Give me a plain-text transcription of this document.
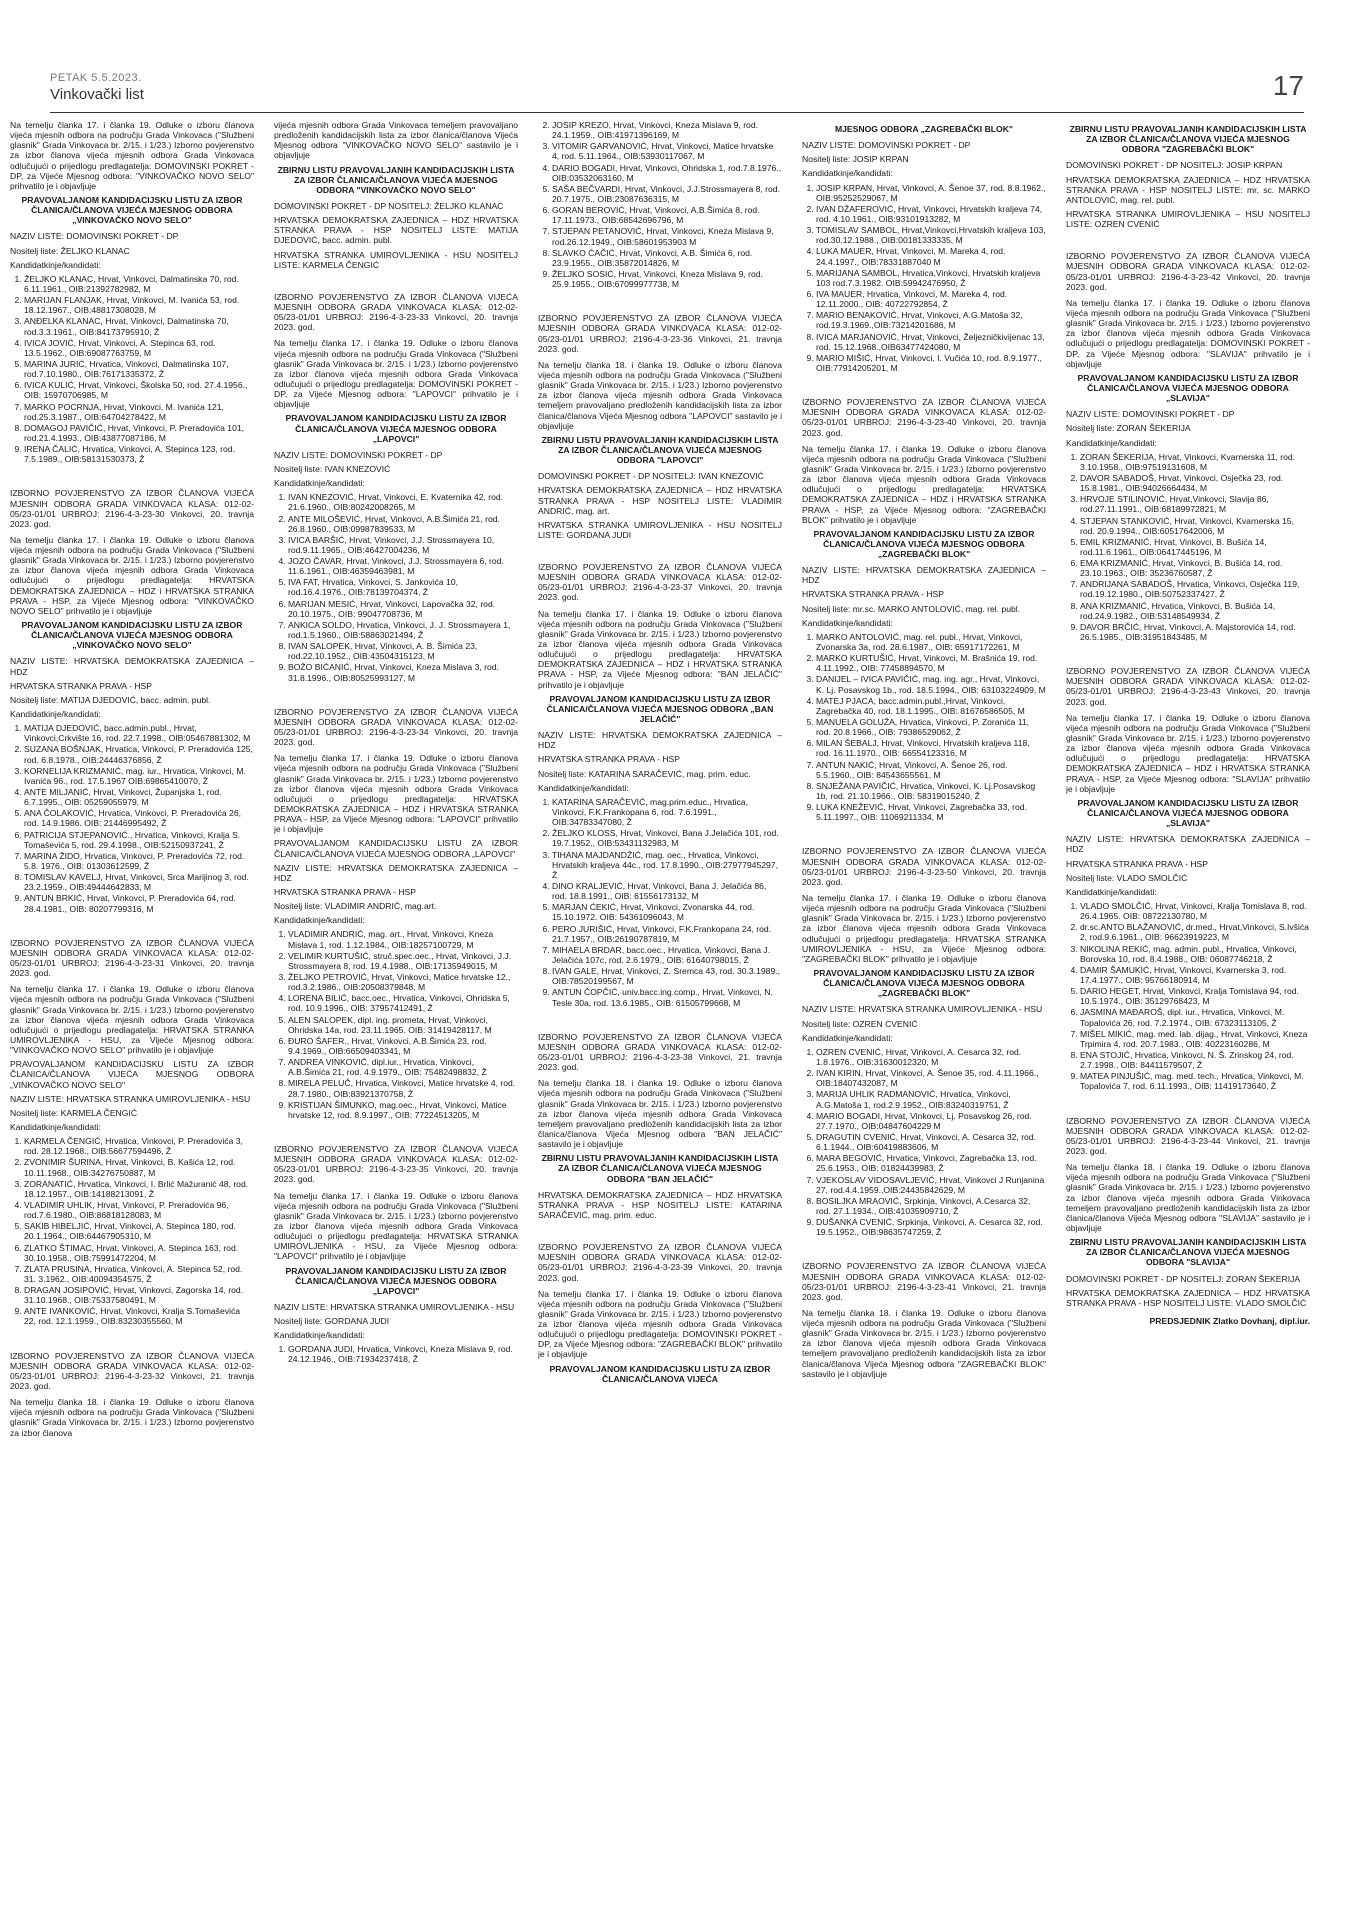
PETAK 5.5.2023.
Vinkovački list	17

Na temelju članka 17. i članka 19. Odluke o izboru članova vijeća mjesnih odbora na području Grada Vinkovaca ("Službeni glasnik" Grada Vinkovaca br. 2/15. i 1/23.) Izborno povjerenstvo za izbor članova vijeća mjesnih odbora Grada Vinkovaca odlučujući o prijedlogu predlagatelja: DOMOVINSKI POKRET - DP, za Vijeće Mjesnog odbora: "VINKOVAČKO NOVO SELO" prihvatilo je i objavljuje

PRAVOVALJANOM KANDIDACIJSKU LISTU ZA IZBOR ČLANICA/ČLANOVA VIJEĆA MJESNOG ODBORA „VINKOVAČKO NOVO SELO"

NAZIV LISTE: DOMOVINSKI POKRET - DP

Nositelj liste: ŽELJKO KLANAC

Kandidatkinje/kandidati:

1. ŽELJKO KLANAC, Hrvat, Vinkovci, Dalmatinska 70, rod. 6.11.1961., OIB:21392782982, M
2. MARIJAN FLANJAK, Hrvat, Vinkovci, M. Ivanića 53, rod. 18.12.1967., OIB:48817308028, M
3. ANĐELKA KLANAC, Hrvat, Vinkovci, Dalmatinska 70, rod.3.3.1961., OIB:84173795910, Ž
4. IVICA JOVIĆ, Hrvat, Vinkovci, A. Stepinca 63, rod. 13.5.1962., OIB:69087763759, M
5. MARINA JURIĆ, Hrvatica, Vinkovci, Dalmatinska 107, rod.7.10.1980., OIB:76171335372, Ž
6. IVICA KULIĆ, Hrvat, Vinkovci, Školska 50, rod. 27.4.1956., OIB: 15970706985, M
7. MARKO POCRNJA, Hrvat, Vinkovci, M. Ivanića 121, rod.25.3.1987., OIB:64704278422, M
8. DOMAGOJ PAVIČIĆ, Hrvat, Vinkovci, P. Preradovića 101, rod.21.4.1993., OIB:43877087186, M
9. IRENA ČALIĆ, Hrvatica, Vinkovci, A. Stepinca 123, rod. 7.5.1989., OIB:58131530373, Ž

IZBORNO POVJERENSTVO ZA IZBOR ČLANOVA VIJEĆA MJESNIH ODBORA GRADA VINKOVACA KLASA: 012-02-05/23-01/01 URBROJ: 2196-4-3-23-30 Vinkovci, 20. travnja 2023. god.

Na temelju članka 17. i članka 19. Odluke o izboru članova vijeća mjesnih odbora na području Grada Vinkovaca ("Službeni glasnik" Grada Vinkovaca br. 2/15. i 1/23.) Izborno povjerenstvo za izbor članova vijeća mjesnih odbora Grada Vinkovaca odlučujući o prijedlogu predlagatelja: HRVATSKA DEMOKRATSKA ZAJEDNICA – HDZ i HRVATSKA STRANKA PRAVA - HSP, za Vijeće Mjesnog odbora: "VINKOVAČKO NOVO SELO" prihvatilo je i objavljuje

PRAVOVALJANOM KANDIDACIJSKU LISTU ZA IZBOR ČLANICA/ČLANOVA VIJEĆA MJESNOG ODBORA „VINKOVAČKO NOVO SELO"

NAZIV LISTE: HRVATSKA DEMOKRATSKA ZAJEDNICA – HDZ

HRVATSKA STRANKA PRAVA - HSP

Nositelj liste: MATIJA DJEDOVIĆ, bacc. admin. publ.

Kandidatkinje/kandidati:

1. MATIJA DJEDOVIĆ, bacc.admin.publ., Hrvat, Vinkovci,Crkvište 16, rod. 22.7.1998., OIB:05467881302, M
2. SUZANA BOŠNJAK, Hrvatica, Vinkovci, P. Preradovića 125, rod. 6.8.1978., OIB:24446376856, Ž
3. KORNELIJA KRIZMANIĆ, mag. iur., Hrvatica, Vinkovci, M. Ivanića 96., rod. 17.5.1967 OIB:69865410070, Ž
4. ANTE MILJANIĆ, Hrvat, Vinkovci, Županjska 1, rod. 6.7.1995., OIB: 05259055979, M
5. ANA ČOLAKOVIĆ, Hrvatica, Vinkovci, P. Preradovića 26, rod. 14.9.1986. OIB: 21446995492, Ž
6. PATRICIJA STJEPANOVIĆ., Hrvatica, Vinkovci, Kralja S. Tomaševića 5, rod. 29.4.1998., OIB:52150937241, Ž
7. MARINA ŽIDO, Hrvatica, Vinkovci, P. Preradovića 72, rod. 5.8. 1976., OIB: 01303612599, Ž
8. TOMISLAV KAVELJ, Hrvat, Vinkovci, Srca Marijinog 3, rod. 23.2.1959., OIB:49444642833, M
9. ANTUN BRKIĆ, Hrvat, Vinkovci, P. Preradovića 64, rod. 28.4.1981., OIB: 80207799316, M

IZBORNO POVJERENSTVO ZA IZBOR ČLANOVA VIJEĆA MJESNIH ODBORA GRADA VINKOVACA KLASA: 012-02-05/23-01/01 URBROJ: 2196-4-3-23-31 Vinkovci, 20. travnja 2023. god.

Na temelju članka 17. i članka 19. Odluke o izboru članova vijeća mjesnih odbora na području Grada Vinkovaca ("Službeni glasnik" Grada Vinkovaca br. 2/15. i 1/23.) Izborno povjerenstvo za izbor članova vijeća mjesnih odbora Grada Vinkovaca odlučujući o prijedlogu predlagatelja: HRVATSKA STRANKA UMIROVLJENIKA - HSU, za Vijeće Mjesnog odbora: "VINKOVAČKO NOVO SELO" prihvatilo je i objavljuje

PRAVOVALJANOM KANDIDACIJSKU LISTU ZA IZBOR ČLANICA/ČLANOVA VIJEĆA MJESNOG ODBORA „VINKOVAČKO NOVO SELO"

NAZIV LISTE: HRVATSKA STRANKA UMIROVLJENIKA - HSU

Nositelj liste: KARMELA ČENGIĆ

Kandidatkinje/kandidati:

1. KARMELA ČENGIĆ, Hrvatica, Vinkovci, P. Preradovića 3, rod. 28.12.1968., OIB:56677594496, Ž
2. ZVONIMIR ŠURINA, Hrvat, Vinkovci, B. Kašića 12, rod. 10.11.1968., OIB:34276750887, M
3. ZORANATIĆ, Hrvatica, Vinkovci, I. Brlić Mažuranić 48, rod. 18.12.1957., OIB:14188213091, Ž
4. VLADIMIR UHLIK, Hrvat, Vinkovci, P. Preradovića 96, rod.7.6.1980., OIB:86818128083, M
5. SAKIB HIBELJIĆ, Hrvat, Vinkovci, A. Stepinca 180, rod. 20.1.1964., OIB:64467905310, M
6. ZLATKO ŠTIMAC, Hrvat, Vinkovci, A. Stepinca 163, rod. 30.10.1958., OIB:75991472204, M
7. ZLATA PRUSINA, Hrvatica, Vinkovci, A. Stepinca 52, rod. 31. 3.1962., OIB:40094354575, Ž
8. DRAGAN JOSIPOVIĆ, Hrvat, Vinkovci, Zagorska 14, rod. 31.10.1968., OIB:75337580491, M
9. ANTE IVANKOVIĆ, Hrvat, Vinkovci, Kralja S.Tomaševića 22, rod. 12.1.1959., OIB:83230355560, M

IZBORNO POVJERENSTVO ZA IZBOR ČLANOVA VIJEĆA MJESNIH ODBORA GRADA VINKOVACA KLASA: 012-02-05/23-01/01 URBROJ: 2196-4-3-23-32 Vinkovci, 21. travnja 2023. god.

Na temelju članka 18. i članka 19. Odluke o izboru članova vijeća mjesnih odbora na području Grada Vinkovaca ("Službeni glasnik" Grada Vinkovaca br. 2/15. i 1/23.) Izborno povjerenstvo za izbor članova

vijeća mjesnih odbora Grada Vinkovaca temeljem pravovaljano predloženih kandidacijskih lista za izbor članica/članova Vijeća Mjesnog odbora "VINKOVAČKO NOVO SELO" sastavilo je i objavljuje

ZBIRNU LISTU PRAVOVALJANIH KANDIDACIJSKIH LISTA ZA IZBOR ČLANICA/ČLANOVA VIJEĆA MJESNOG ODBORA "VINKOVAČKO NOVO SELO"

DOMOVINSKI POKRET - DP NOSITELJ: ŽELJKO KLANAC

HRVATSKA DEMOKRATSKA ZAJEDNICA – HDZ HRVATSKA STRANKA PRAVA - HSP NOSITELJ LISTE: MATIJA DJEDOVIĆ, bacc. admin. publ.

HRVATSKA STRANKA UMIROVLJENIKA - HSU NOSITELJ LISTE: KARMELA ČENGIĆ

IZBORNO POVJERENSTVO ZA IZBOR ČLANOVA VIJEĆA MJESNIH ODBORA GRADA VINKOVACA KLASA: 012-02-05/23-01/01 URBROJ: 2196-4-3-23-33 Vinkovci, 20. travnja 2023. god.

Na temelju članka 17. i članka 19. Odluke o izboru članova vijeća mjesnih odbora na području Grada Vinkovaca ("Službeni glasnik" Grada Vinkovaca br. 2/15. i 1/23.) Izborno povjerenstvo za izbor članova vijeća mjesnih odbora Grada Vinkovaca odlučujući o prijedlogu predlagatelja: DOMOVINSKI POKRET - DP, za Vijeće Mjesnog odbora: "LAPOVCI" prihvatilo je i objavljuje

PRAVOVALJANOM KANDIDACIJSKU LISTU ZA IZBOR ČLANICA/ČLANOVA VIJEĆA MJESNOG ODBORA „LAPOVCI"

NAZIV LISTE: DOMOVINSKI POKRET - DP

Nositelj liste: IVAN KNEZOVIĆ

Kandidatkinje/kandidati:

1. IVAN KNEZOVIĆ, Hrvat, Vinkovci, E. Kvaternika 42, rod. 21.6.1960., OIB:80242008265, M
2. ANTE MILOŠEVIĆ, Hrvat, Vinkovci, A.B.Šimića 21, rod. 26.8.1960., OIB:09987839533, M
3. IVICA BARŠIĆ, Hrvat, Vinkovci, J.J. Strossmayera 10, rod.9.11.1965., OIB:46427004236, M
4. JOZO ČAVAR, Hrvat, Vinkovci, J.J. Strossmayera 6, rod. 11.6.1961., OIB:46359463981, M
5. IVA FAT, Hrvatica, Vinkovci, S. Jankovića 10, rod.16.4.1976., OIB:78139704374, Ž
6. MARIJAN MESIĆ, Hrvat, Vinkovci, Lapovačka 32, rod. 20.10.1975., OIB: 99047708736, M
7. ANKICA SOLDO, Hrvatica, Vinkovci, J. J. Strossmayera 1, rod.1.5.1960., OIB:58863021494, Ž
8. IVAN SALOPEK, Hrvat, Vinkovci, A. B. Šimića 23, rod.22.10.1952., OIB:43504315123, M
9. BOŽO BIĆANIĆ, Hrvat, Vinkovci, Kneza Mislava 3, rod. 31.8.1996., OIB:80525993127, M

IZBORNO POVJERENSTVO ZA IZBOR ČLANOVA VIJEĆA MJESNIH ODBORA GRADA VINKOVACA KLASA: 012-02-05/23-01/01 URBROJ: 2196-4-3-23-34 Vinkovci, 20. travnja 2023. god.

Na temelju članka 17. i članka 19. Odluke o izboru članova vijeća mjesnih odbora na području Grada Vinkovaca ("Službeni glasnik" Grada Vinkovaca br. 2/15. i 1/23.) Izborno povjerenstvo za izbor članova vijeća mjesnih odbora Grada Vinkovaca odlučujući o prijedlogu predlagatelja: HRVATSKA DEMOKRATSKA ZAJEDNICA – HDZ i HRVATSKA STRANKA PRAVA - HSP, za Vijeće Mjesnog odbora: "LAPOVCI" prihvatilo je i objavljuje

PRAVOVALJANOM KANDIDACIJSKU LISTU ZA IZBOR ČLANICA/ČLANOVA VIJEĆA MJESNOG ODBORA „LAPOVCI"

NAZIV LISTE: HRVATSKA DEMOKRATSKA ZAJEDNICA – HDZ

HRVATSKA STRANKA PRAVA - HSP

Nositelj liste: VLADIMIR ANDRIĆ, mag.art.

Kandidatkinje/kandidati:

1. VLADIMIR ANDRIĆ, mag. art., Hrvat, Vinkovci, Kneza Mislava 1, rod. 1.12.1984., OIB:18257100729, M
2. VELIMIR KURTUŠIĆ, struč.spec.oec., Hrvat, Vinkovci, J.J. Strossmayera 8, rod. 19.4.1988., OIB:17135949015, M
3. ŽELJKO PETROVIĆ, Hrvat, Vinkovci, Matice hrvatske 12., rod.3.2.1986., OIB:20508379848, M
4. LORENA BILIĆ, bacc.oec., Hrvatica, Vinkovci, Ohridska 5, rod. 10.9.1996., OIB: 37957412491, Ž
5. ALEN SALOPEK, dipl. ing. prometa, Hrvat, Vinkovci, Ohridska 14a, rod. 23.11.1965. OIB: 31419428117, M
6. ĐURO ŠAFER., Hrvat, Vinkovci, A.B.Šimića 23, rod. 9.4.1969., OIB:66509403341, M
7. ANDREA VINKOVIĆ, dipl.iur., Hrvatica, Vinkovci, A.B.Šimića 21, rod. 4.9.1979., OIB: 75482498832, Ž
8. MIRELA PELUČ, Hrvatica, Vinkovci, Matice hrvatske 4, rod. 28.7.1980., OIB:83921370758, Ž
9. KRISTIJAN ŠIMUNKO, mag.oec., Hrvat, Vinkovci, Matice hrvatske 12, rod. 8.9.1997., OIB: 77224513205, M

IZBORNO POVJERENSTVO ZA IZBOR ČLANOVA VIJEĆA MJESNIH ODBORA GRADA VINKOVACA KLASA: 012-02-05/23-01/01 URBROJ: 2196-4-3-23-35 Vinkovci, 20. travnja 2023. god.

Na temelju članka 17. i članka 19. Odluke o izboru članova vijeća mjesnih odbora na području Grada Vinkovaca ("Službeni glasnik" Grada Vinkovaca br. 2/15. i 1/23.) Izborno povjerenstvo za izbor članova vijeća mjesnih odbora Grada Vinkovaca odlučujući o prijedlogu predlagatelja: HRVATSKA STRANKA UMIROVLJENIKA - HSU, za Vijeće Mjesnog odbora: "LAPOVCI" prihvatilo je i objavljuje

PRAVOVALJANOM KANDIDACIJSKU LISTU ZA IZBOR ČLANICA/ČLANOVA VIJEĆA MJESNOG ODBORA „LAPOVCI"

NAZIV LISTE: HRVATSKA STRANKA UMIROVLJENIKA - HSU

Nositelj liste: GORDANA JUDI

Kandidatkinje/kandidati:

1. GORDANA JUDI, Hrvatica, Vinkovci, Kneza Mislava 9, rod. 24.12.1946., OIB:71934237418, Ž
2. JOSIP KREZO, Hrvat, Vinkovci, Kneza Mislava 9, rod. 24.1.1959., OIB:41971396169, M
3. VITOMIR GARVANOVIĆ, Hrvat, Vinkovci, Matice hrvatske 4, rod. 5.11.1964., OIB:53930117067, M
4. DARIO BOGADI, Hrvat, Vinkovci, Ohridska 1, rod.7.8.1976., OIB:03532063160, M
5. SAŠA BEČVARDI, Hrvat, Vinkovci, J.J.Strossmayera 8, rod. 20.7.1975., OIB:23087636315, M
6. GORAN BEROVIĆ, Hrvat, Vinkovci, A.B.Šimića 8, rod. 17.11.1973., OIB:68542696796, M
7. STJEPAN PETANOVIĆ, Hrvat, Vinkovci, Kneza Mislava 9, rod.26.12.1949., OIB:58601953903 M
8. SLAVKO ĆAČIĆ, Hrvat, Vinkovci, A.B. Šimića 6, rod. 23.9.1955., OIB:35872014826, M
9. ŽELJKO SOSIĆ, Hrvat, Vinkovci, Kneza Mislava 9, rod. 25.9.1955., OIB:67099977738, M

IZBORNO POVJERENSTVO ZA IZBOR ČLANOVA VIJEĆA MJESNIH ODBORA GRADA VINKOVACA KLASA: 012-02-05/23-01/01 URBROJ: 2196-4-3-23-36 Vinkovci, 21. travnja 2023. god.

Na temelju članka 18. i članka 19. Odluke o izboru članova vijeća mjesnih odbora na području Grada Vinkovaca ("Službeni glasnik" Grada Vinkovaca br. 2/15. i 1/23.) Izborno povjerenstvo za izbor članova vijeća mjesnih odbora Grada Vinkovaca temeljem pravovaljano predloženih kandidacijskih lista za izbor članica/članova Vijeća Mjesnog odbora "LAPOVCI" sastavilo je i objavljuje

ZBIRNU LISTU PRAVOVALJANIH KANDIDACIJSKIH LISTA ZA IZBOR ČLANICA/ČLANOVA VIJEĆA MJESNOG ODBORA "LAPOVCI"

DOMOVINSKI POKRET - DP NOSITELJ: IVAN KNEZOVIĆ

HRVATSKA DEMOKRATSKA ZAJEDNICA – HDZ HRVATSKA STRANKA PRAVA - HSP NOSITELJ LISTE: VLADIMIR ANDRIĆ, mag. art.

HRVATSKA STRANKA UMIROVLJENIKA - HSU NOSITELJ LISTE: GORDANA JUDI

IZBORNO POVJERENSTVO ZA IZBOR ČLANOVA VIJEĆA MJESNIH ODBORA GRADA VINKOVACA KLASA: 012-02-05/23-01/01 URBROJ: 2196-4-3-23-37 Vinkovci, 20. travnja 2023. god.

Na temelju članka 17. i članka 19. Odluke o izboru članova vijeća mjesnih odbora na području Grada Vinkovaca ("Službeni glasnik" Grada Vinkovaca br. 2/15. i 1/23.) Izborno povjerenstvo za izbor članova vijeća mjesnih odbora Grada Vinkovaca odlučujući o prijedlogu predlagatelja: HRVATSKA DEMOKRATSKA ZAJEDNICA – HDZ i HRVATSKA STRANKA PRAVA - HSP, za Vijeće Mjesnog odbora: "BAN JELAČIĆ" prihvatilo je i objavljuje

PRAVOVALJANOM KANDIDACIJSKU LISTU ZA IZBOR ČLANICA/ČLANOVA VIJEĆA MJESNOG ODBORA „BAN JELAČIĆ"

NAZIV LISTE: HRVATSKA DEMOKRATSKA ZAJEDNICA – HDZ

HRVATSKA STRANKA PRAVA - HSP

Nositelj liste: KATARINA SARAČEVIĆ, mag. prim. educ.

Kandidatkinje/kandidati:

1. KATARINA SARAČEVIĆ, mag.prim.educ., Hrvatica, Vinkovci, F.K.Frankopana 6, rod. 7.6.1991., OIB:34783347080, Ž
2. ŽELJKO KLOSS, Hrvat, Vinkovci, Bana J.Jelačića 101, rod. 19.7.1952., OIB:53431132983, M
3. TIHANA MAJDANDŽIĆ, mag. oec., Hrvatica, Vinkovci, Hrvatskih kraljeva 44c., rod. 17.8.1990., OIB:27977945297, Ž
4. DINO KRALJEVIĆ, Hrvat, Vinkovci, Bana J. Jelačića 86, rod. 18.8.1991., OIB: 61556173132, M
5. MARJAN ĆEKIĆ, Hrvat, Vinkovci, Zvonarska 44, rod. 15.10.1972. OIB: 54361096043, M
6. PERO JURIŠIĆ, Hrvat, Vinkovci, F.K.Frankopana 24, rod. 21.7.1957., OIB:26190787819, M
7. MIHAELA BRDAR, bacc.oec., Hrvatica, Vinkovci, Bana J. Jelačića 107c, rod. 2.6.1979., OIB: 61640798015, Ž
8. IVAN GALE, Hrvat, Vinkovci, Z. Sremca 43, rod. 30.3.1989., OIB:78520199567, M
9. ANTUN ČOPČIĆ, univ.bacc.ing.comp., Hrvat, Vinkovci, N. Tesle 30a, rod. 13.6.1985., OIB: 61505799668, M

IZBORNO POVJERENSTVO ZA IZBOR ČLANOVA VIJEĆA MJESNIH ODBORA GRADA VINKOVACA KLASA: 012-02-05/23-01/01 URBROJ: 2196-4-3-23-38 Vinkovci, 21. travnja 2023. god.

Na temelju članka 18. i članka 19. Odluke o izboru članova vijeća mjesnih odbora na području Grada Vinkovaca ("Službeni glasnik" Grada Vinkovaca br. 2/15. i 1/23.) Izborno povjerenstvo za izbor članova vijeća mjesnih odbora Grada Vinkovaca temeljem pravovaljano predloženih kandidacijskih lista za izbor članica/članova Vijeća Mjesnog odbora "BAN JELAČIĆ" sastavilo je i objavljuje

ZBIRNU LISTU PRAVOVALJANIH KANDIDACIJSKIH LISTA ZA IZBOR ČLANICA/ČLANOVA VIJEĆA MJESNOG ODBORA "BAN JELAČIĆ"

HRVATSKA DEMOKRATSKA ZAJEDNICA – HDZ HRVATSKA STRANKA PRAVA - HSP NOSITELJ LISTE: KATARINA SARAČEVIĆ, mag. prim. educ.

IZBORNO POVJERENSTVO ZA IZBOR ČLANOVA VIJEĆA MJESNIH ODBORA GRADA VINKOVACA KLASA: 012-02-05/23-01/01 URBROJ: 2196-4-3-23-39 Vinkovci, 20. travnja 2023. god.

Na temelju članka 17. i članka 19. Odluke o izboru članova vijeća mjesnih odbora na području Grada Vinkovaca ("Službeni glasnik" Grada Vinkovaca br. 2/15. i 1/23.) Izborno povjerenstvo za izbor članova vijeća mjesnih odbora Grada Vinkovaca odlučujući o prijedlogu predlagatelja: DOMOVINSKI POKRET - DP, za Vijeće Mjesnog odbora: "ZAGREBAČKI BLOK" prihvatilo je i objavljuje

PRAVOVALJANOM KANDIDACIJSKU LISTU ZA IZBOR ČLANICA/ČLANOVA VIJEĆA

MJESNOG ODBORA „ZAGREBAČKI BLOK"

NAZIV LISTE: DOMOVINSKI POKRET - DP

Nositelj liste: JOSIP KRPAN

Kandidatkinje/kandidati:

1. JOSIP KRPAN, Hrvat, Vinkovci, A. Šenoe 37, rod. 8.8.1962., OIB:95252529067, M
2. IVAN DŽAFEROVIĆ, Hrvat, Vinkovci, Hrvatskih kraljeva 74, rod. 4.10.1961., OIB:93101913282, M
3. TOMISLAV SAMBOL, Hrvat,Vinkovci,Hrvatskih kraljeva 103, rod.30.12.1988., OIB:00181333335, M
4. LUKA MAUER, Hrvat, Vinkovci, M. Mareka 4, rod. 24.4.1997., OIB:78331887040 M
5. MARIJANA SAMBOL, Hrvatica,Vinkovci, Hrvatskih kraljeva 103 rod.7.3.1982. OIB:59942476950, Ž
6. IVA MAUER, Hrvatica, Vinkovci, M. Mareka 4, rod. 12.11.2000., OIB: 40722792854, Ž
7. MARIO BENAKOVIĆ, Hrvat, Vinkovci, A.G.Matoša 32, rod.19.3.1969.,OIB:73214201686, M
8. IVICA MARJANOVIĆ, Hrvat, Vinkovci, Željezničkivijenac 13, rod. 15.12.1968.,OIB63477424080, M
9. MARIO MIŠIĆ, Hrvat, Vinkovci, I. Vučića 10, rod. 8.9.1977., OIB:77914205201, M

IZBORNO POVJERENSTVO ZA IZBOR ČLANOVA VIJEĆA MJESNIH ODBORA GRADA VINKOVACA KLASA: 012-02-05/23-01/01 URBROJ: 2196-4-3-23-40 Vinkovci, 20. travnja 2023. god.

Na temelju članka 17. i članka 19. Odluke o izboru članova vijeća mjesnih odbora na području Grada Vinkovaca ("Službeni glasnik" Grada Vinkovaca br. 2/15. i 1/23.) Izborno povjerenstvo za izbor članova vijeća mjesnih odbora Grada Vinkovaca odlučujući o prijedlogu predlagatelja: HRVATSKA DEMOKRATSKA ZAJEDNICA – HDZ i HRVATSKA STRANKA PRAVA - HSP, za Vijeće Mjesnog odbora: "ZAGREBAČKI BLOK" prihvatilo je i objavljuje

PRAVOVALJANOM KANDIDACIJSKU LISTU ZA IZBOR ČLANICA/ČLANOVA VIJEĆA MJESNOG ODBORA „ZAGREBAČKI BLOK"

NAZIV LISTE: HRVATSKA DEMOKRATSKA ZAJEDNICA – HDZ

HRVATSKA STRANKA PRAVA - HSP

Nositelj liste: mr.sc. MARKO ANTOLOVIĆ, mag. rel. publ.

Kandidatkinje/kandidati:

1. MARKO ANTOLOVIĆ, mag. rel. publ., Hrvat, Vinkovci, Zvonarska 3a, rod. 28.6.1987., OIB: 65917172261, M
2. MARKO KURTUŠIĆ, Hrvat, Vinkovci, M. Brašnića 19, rod. 4.11.1992., OIB: 77458894570, M
3. DANIJEL – IVICA PAVIČIĆ, mag. ing. agr., Hrvat, Vinkovci, K. Lj. Posavskog 1b., rod. 18.5.1994., OIB: 63103224909, M
4. MATEJ PJACA, bacc.admin.publ.,Hrvat, Vinkovci, Zagrebačka 40, rod. 18.1.1995., OIB: 81676586505, M
5. MANUELA GOLUŽA, Hrvatica, Vinkovci, P. Zoranića 11, rod. 20.8.1966., OIB: 79386529062, Ž
6. MILAN ŠEBALJ, Hrvat, Vinkovci, Hrvatskih kraljeva 118, rod. 16.11.1970., OIB: 66554123316, M
7. ANTUN NAKIĆ, Hrvat, Vinkovci, A. Šenoe 26, rod. 5.5.1960., OIB: 84543655561, M
8. SNJEŽANA PAVIČIĆ, Hrvatica, Vinkovci, K. Lj.Posavskog 1b, rod. 21.10.1966., OIB: 58319015240, Ž
9. LUKA KNEŽEVIĆ, Hrvat, Vinkovci, Zagrebačka 33, rod. 5.11.1997., OIB: 11069211334, M

IZBORNO POVJERENSTVO ZA IZBOR ČLANOVA VIJEĆA MJESNIH ODBORA GRADA VINKOVACA KLASA: 012-02-05/23-01/01 URBROJ: 2196-4-3-23-50 Vinkovci, 20. travnja 2023. god.

Na temelju članka 17. i članka 19. Odluke o izboru članova vijeća mjesnih odbora na području Grada Vinkovaca ("Službeni glasnik" Grada Vinkovaca br. 2/15. i 1/23.) Izborno povjerenstvo za izbor članova vijeća mjesnih odbora Grada Vinkovaca odlučujući o prijedlogu predlagatelja: HRVATSKA STRANKA UMIROVLJENIKA - HSU, za Vijeće Mjesnog odbora: "ZAGREBAČKI BLOK" prihvatilo je i objavljuje

PRAVOVALJANOM KANDIDACIJSKU LISTU ZA IZBOR ČLANICA/ČLANOVA VIJEĆA MJESNOG ODBORA „ZAGREBAČKI BLOK"

NAZIV LISTE: HRVATSKA STRANKA UMIROVLJENIKA - HSU

Nositelj liste: OZREN CVENIĆ

Kandidatkinje/kandidati:

1. OZREN CVENIĆ, Hrvat, Vinkovci, A. Cesarca 32, rod. 1.8.1976., OIB:31630012320, M
2. IVAN KIRIN, Hrvat, Vinkovci, A. Šenoe 35, rod. 4.11.1966., OIB:18407432087, M
3. MARIJA UHLIK RADMANOVIĆ, Hrvatica, Vinkovci, A.G.Matoša 1, rod.2.9.1952., OIB:83240319751, Ž
4. MARIO BOGADI, Hrvat, Vinkovci, Lj. Posavskog 26, rod. 27.7.1970., OIB:04847604229 M
5. DRAGUTIN CVENIĆ, Hrvat, Vinkovci, A. Cesarca 32, rod. 6.1.1944., OIB:60419883606, M
6. MARA BEGOVIĆ, Hrvatica, Vinkovci, Zagrebačka 13, rod. 25.6.1953., OIB: 01824439983, Ž
7. VJEKOSLAV VIDOSAVLJEVIĆ, Hrvat, Vinkovci J Runjanina 27, rod.4.4.1959.,OIB:24435842629, M
8. BOSILJKA MRAOVIĆ, Srpkinja, Vinkovci, A.Cesarca 32, rod. 27.1.1934., OIB:41035909710, Ž
9. DUŠANKA CVENIĆ, Srpkinja, Vinkovci, A. Cesarca 32, rod. 19.5.1952., OIB:98635747259, Ž

IZBORNO POVJERENSTVO ZA IZBOR ČLANOVA VIJEĆA MJESNIH ODBORA GRADA VINKOVACA KLASA: 012-02-05/23-01/01 URBROJ: 2196-4-3-23-41 Vinkovci, 21. travnja 2023. god.

Na temelju članka 18. i članka 19. Odluke o izboru članova vijeća mjesnih odbora na području Grada Vinkovaca ("Službeni glasnik" Grada Vinkovaca br. 2/15. i 1/23.) Izborno povjerenstvo za izbor članova vijeća mjesnih odbora Grada Vinkovaca temeljem pravovaljano predloženih kandidacijskih lista za izbor članica/članova Vijeća Mjesnog odbora "ZAGREBAČKI BLOK" sastavilo je i objavljuje

ZBIRNU LISTU PRAVOVALJANIH KANDIDACIJSKIH LISTA ZA IZBOR ČLANICA/ČLANOVA VIJEĆA MJESNOG ODBORA "ZAGREBAČKI BLOK"

DOMOVINSKI POKRET - DP NOSITELJ: JOSIP KRPAN

HRVATSKA DEMOKRATSKA ZAJEDNICA – HDZ HRVATSKA STRANKA PRAVA - HSP NOSITELJ LISTE: mr. sc. MARKO ANTOLOVIĆ, mag. rel. publ.

HRVATSKA STRANKA UMIROVLJENIKA – HSU NOSITELJ LISTE: OZREN CVENIĆ

IZBORNO POVJERENSTVO ZA IZBOR ČLANOVA VIJEĆA MJESNIH ODBORA GRADA VINKOVACA KLASA: 012-02-05/23-01/01 URBROJ: 2196-4-3-23-42 Vinkovci, 20. travnja 2023. god.

Na temelju članka 17. i članka 19. Odluke o izboru članova vijeća mjesnih odbora na području Grada Vinkovaca ("Službeni glasnik" Grada Vinkovaca br. 2/15. i 1/23.) Izborno povjerenstvo za izbor članova vijeća mjesnih odbora Grada Vinkovaca odlučujući o prijedlogu predlagatelja: DOMOVINSKI POKRET - DP, za Vijeće Mjesnog odbora: "SLAVIJA" prihvatilo je i objavljuje

PRAVOVALJANOM KANDIDACIJSKU LISTU ZA IZBOR ČLANICA/ČLANOVA VIJEĆA MJESNOG ODBORA „SLAVIJA"

NAZIV LISTE: DOMOVINSKI POKRET - DP

Nositelj liste: ZORAN ŠEKERIJA

Kandidatkinje/kandidati:

1. ZORAN ŠEKERIJA, Hrvat, Vinkovci, Kvarnerska 11, rod. 3.10.1958., OIB:97519131608, M
2. DAVOR SABADOŠ, Hrvat, Vinkovci, Osječka 23, rod. 15.8.1981., OIB:94026664434, M
3. HRVOJE STILINOVIĆ, Hrvat,Vinkovci, Slavija 86, rod.27.11.1991., OIB:68189972821, M
4. STJEPAN STANKOVIĆ, Hrvat, Vinkovci, Kvarnerska 15, rod. 20.9.1994., OIB:60517642006, M
5. EMIL KRIZMANIĆ, Hrvat, Vinkovci, B. Bušića 14, rod.11.6.1961., OIB:06417445196, M
6. EMA KRIZMANIĆ, Hrvat, Vinkovci, B. Bušića 14, rod. 23.10.1963., OIB: 35236760587, Ž
7. ANDRIJANA SABADOŠ, Hrvatica, Vinkovci, Osječka 119, rod.19.12.1980., OIB:50752337427, Ž
8. ANA KRIZMANIĆ, Hrvatica, Vinkovci, B. Bušića 14, rod.24.9.1982., OIB:53148549934, Ž
9. DAVOR BRČIĆ, Hrvat, Vinkovci, A. Majstorovića 14, rod. 26.5.1985., OIB:31951843485, M

IZBORNO POVJERENSTVO ZA IZBOR ČLANOVA VIJEĆA MJESNIH ODBORA GRADA VINKOVACA KLASA: 012-02-05/23-01/01 URBROJ: 2196-4-3-23-43 Vinkovci, 20. travnja 2023. god.

Na temelju članka 17. i članka 19. Odluke o izboru članova vijeća mjesnih odbora na području Grada Vinkovaca ("Službeni glasnik" Grada Vinkovaca br. 2/15. i 1/23.) Izborno povjerenstvo za izbor članova vijeća mjesnih odbora Grada Vinkovaca odlučujući o prijedlogu predlagatelja: HRVATSKA DEMOKRATSKA ZAJEDNICA – HDZ i HRVATSKA STRANKA PRAVA - HSP, za Vijeće Mjesnog odbora: "SLAVIJA" prihvatilo je i objavljuje

PRAVOVALJANOM KANDIDACIJSKU LISTU ZA IZBOR ČLANICA/ČLANOVA VIJEĆA MJESNOG ODBORA „SLAVIJA"

NAZIV LISTE: HRVATSKA DEMOKRATSKA ZAJEDNICA – HDZ

HRVATSKA STRANKA PRAVA - HSP

Nositelj liste: VLADO SMOLČIĆ

Kandidatkinje/kandidati:

1. VLADO SMOLČIĆ, Hrvat, Vinkovci, Kralja Tomislava 8, rod. 26.4.1965. OIB: 08722130780, M
2. dr.sc.ANTO BLAŽANOVIĆ, dr.med., Hrvat,Vinkovci, S.Ivšića 2, rod.9.6.1961., OIB: 96623919223, M
3. NIKOLINA REKIĆ, mag. admin. publ., Hrvatica, Vinkovci, Borovska 10, rod. 8.4.1988., OIB: 06087746218, Ž
4. DAMIR ŠAMUKIĆ, Hrvat, Vinkovci, Kvarnerska 3, rod. 17.4.1977., OIB: 95766180914, M
5. DARIO HEGET, Hrvat, Vinkovci, Kralja Tomislava 94, rod. 10.5.1974., OIB: 35129768423, M
6. JASMINA MAĐAROŠ, dipl. iur., Hrvatica, Vinkovci, M. Topalovića 26, rod. 7.2.1974., OIB: 67323113105, Ž
7. MIŠEL MIKIĆ, mag. med. lab. dijag., Hrvat, Vinkovci, Kneza Trpimira 4, rod. 20.7.1983., OIB: 40223160286, M
8. ENA STOJIĆ, Hrvatica, Vinkovci, N. Š. Zrinskog 24, rod. 2.7.1998., OIB: 84411579507, Ž
9. MATEA PINJUŠIĆ, mag. med. tech., Hrvatica, Vinkovci, M. Topalovića 7, rod. 6.11.1993., OIB: 11419173640, Ž

IZBORNO POVJERENSTVO ZA IZBOR ČLANOVA VIJEĆA MJESNIH ODBORA GRADA VINKOVACA KLASA: 012-02-05/23-01/01 URBROJ: 2196-4-3-23-44 Vinkovci, 21. travnja 2023. god.

Na temelju članka 18. i članka 19. Odluke o izboru članova vijeća mjesnih odbora na području Grada Vinkovaca ("Službeni glasnik" Grada Vinkovaca br. 2/15. i 1/23.) Izborno povjerenstvo za izbor članova vijeća mjesnih odbora Grada Vinkovaca temeljem pravovaljano predloženih kandidacijskih lista za izbor članica/članova Vijeća Mjesnog odbora "SLAVIJA" sastavilo je i objavljuje

ZBIRNU LISTU PRAVOVALJANIH KANDIDACIJSKIH LISTA ZA IZBOR ČLANICA/ČLANOVA VIJEĆA MJESNOG ODBORA "SLAVIJA"

DOMOVINSKI POKRET - DP NOSITELJ: ZORAN ŠEKERIJA

HRVATSKA DEMOKRATSKA ZAJEDNICA – HDZ HRVATSKA STRANKA PRAVA - HSP NOSITELJ LISTE: VLADO SMOLČIĆ

PREDSJEDNIK Zlatko Dovhanj, dipl.iur.
